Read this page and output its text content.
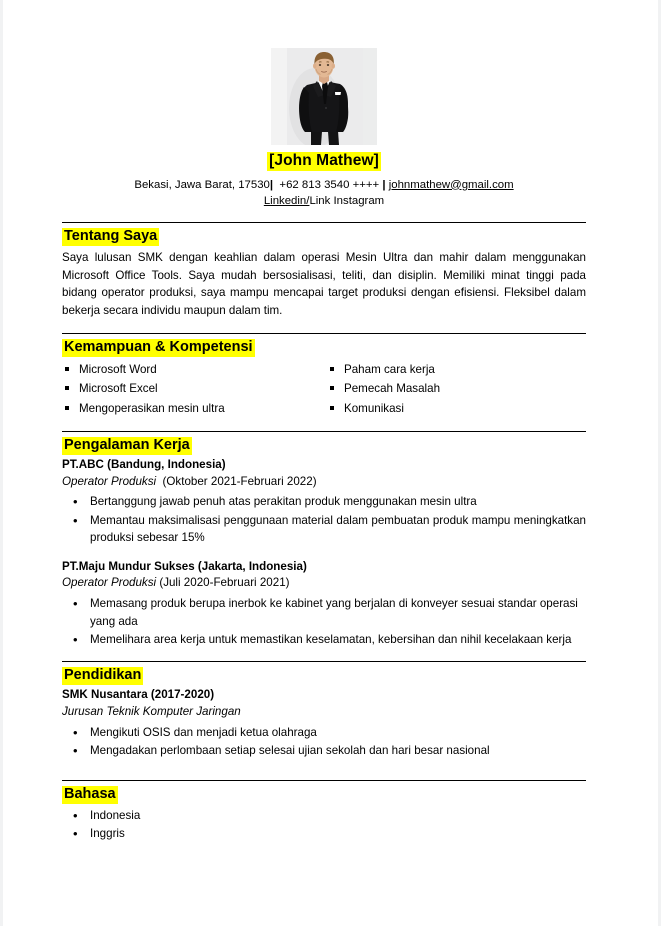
[John Mathew]
Bekasi, Jawa Barat, 17530| +62 813 3540 ++++ | johnmathew@gmail.com
Linkedin/Link Instagram
Tentang Saya

Saya lulusan SMK dengan keahlian dalam operasi Mesin Ultra dan mahir dalam menggunakan Microsoft Office Tools. Saya mudah bersosialisasi, teliti, dan disiplin. Memiliki minat tinggi pada bidang operator produksi, saya mampu mencapai target produksi dengan efisiensi. Fleksibel dalam bekerja secara individu maupun dalam tim.

Kemampuan & Kompetensi
Microsoft Word
Microsoft Excel
Mengoperasikan mesin ultra
Paham cara kerja
Pemecah Masalah
Komunikasi
Pengalaman Kerja
PT.ABC (Bandung, Indonesia)
Operator Produksi (Oktober 2021-Februari 2022)
• Bertanggung jawab penuh atas perakitan produk menggunakan mesin ultra
• Memantau maksimalisasi penggunaan material dalam pembuatan produk mampu meningkatkan produksi sebesar 15%
PT.Maju Mundur Sukses (Jakarta, Indonesia)
Operator Produksi (Juli 2020-Februari 2021)
• Memasang produk berupa inerbok ke kabinet yang berjalan di konveyer sesuai standar operasi yang ada
• Memelihara area kerja untuk memastikan keselamatan, kebersihan dan nihil kecelakaan kerja
Pendidikan
SMK Nusantara (2017-2020)
Jurusan Teknik Komputer Jaringan
• Mengikuti OSIS dan menjadi ketua olahraga
• Mengadakan perlombaan setiap selesai ujian sekolah dan hari besar nasional
Bahasa
• Indonesia
• Inggris
